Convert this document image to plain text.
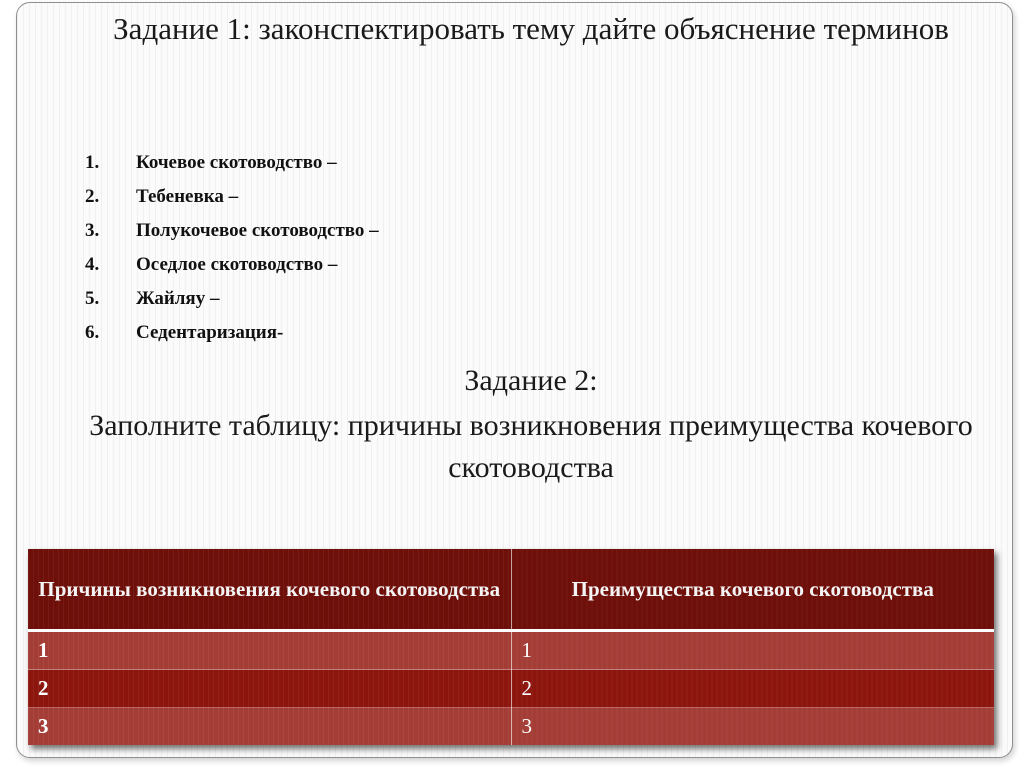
Задание 1: законспектировать тему дайте объяснение терминов
1.	Кочевое скотоводство –
2.	Тебеневка –
3.	Полукочевое скотоводство –
4.	Оседлое скотоводство –
5.	Жайляу –
6.	Седентаризация-
Задание 2:
Заполните таблицу: причины возникновения преимущества кочевого скотоводства
Причины возникновения кочевого скотоводства	Преимущества кочевого скотоводства
1	1
2	2
3	3
